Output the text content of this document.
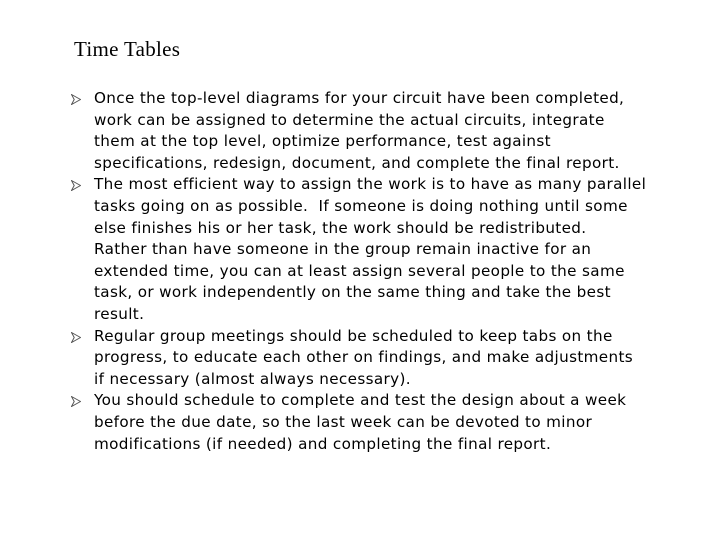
Time Tables
Once the top-level diagrams for your circuit have been completed,
work can be assigned to determine the actual circuits, integrate
them at the top level, optimize performance, test against
specifications, redesign, document, and complete the final report.
The most efficient way to assign the work is to have as many parallel
tasks going on as possible.  If someone is doing nothing until some
else finishes his or her task, the work should be redistributed.
Rather than have someone in the group remain inactive for an
extended time, you can at least assign several people to the same
task, or work independently on the same thing and take the best
result.
Regular group meetings should be scheduled to keep tabs on the
progress, to educate each other on findings, and make adjustments
if necessary (almost always necessary).
You should schedule to complete and test the design about a week
before the due date, so the last week can be devoted to minor
modifications (if needed) and completing the final report.
